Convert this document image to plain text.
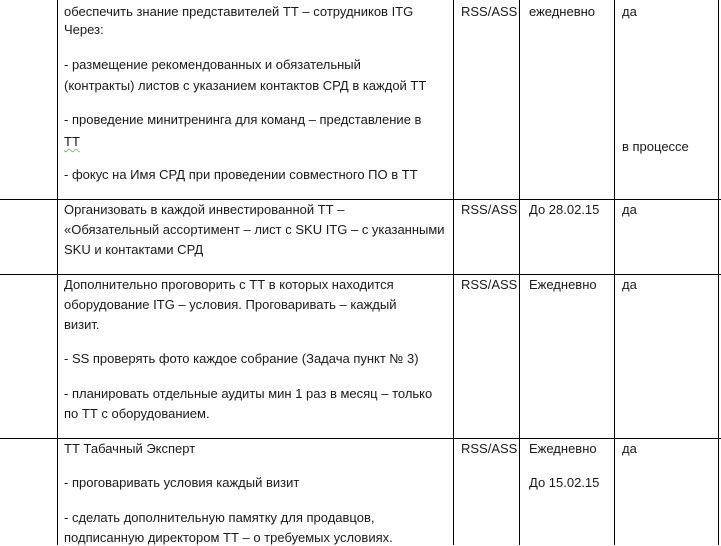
обеспечить знание представителей ТТ – сотрудников ITG
Через:
- размещение рекомендованных и обязательный
(контракты) листов с указанием контактов СРД в каждой ТТ
- проведение минитренинга для команд – представление в
ТТ
- фокус на Имя СРД при проведении совместного ПО в ТТ
RSS/ASS ежедневно да
в процессе
Организовать в каждой инвестированной ТТ –
«Обязательный ассортимент – лист с SKU ITG – с указанными
SKU и контактами СРД
RSS/ASS До 28.02.15 да
Дополнительно проговорить с ТТ в которых находится
оборудование ITG – условия. Проговаривать – каждый
визит.
- SS проверять фото каждое собрание (Задача пункт № 3)
- планировать отдельные аудиты мин 1 раз в месяц – только
по ТТ с оборудованием.
RSS/ASS Ежедневно да
ТТ Табачный Эксперт
- проговаривать условия каждый визит
- сделать дополнительную памятку для продавцов,
подписанную директором ТТ – о требуемых условиях.
RSS/ASS Ежедневно
До 15.02.15
да
